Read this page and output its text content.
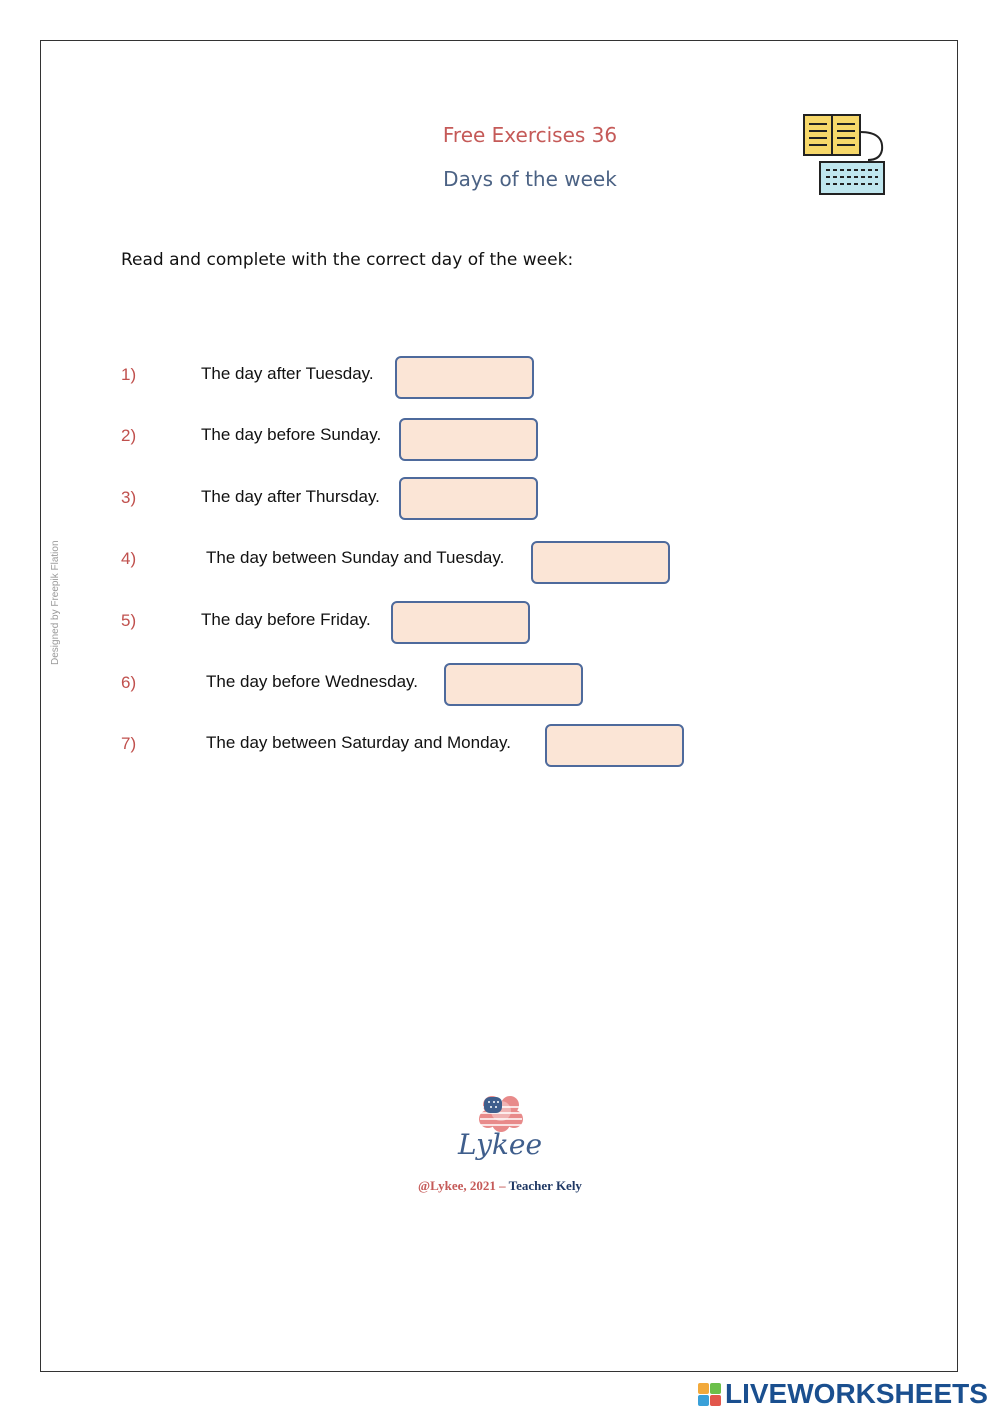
Free Exercises 36
Days of the week
Read and complete with the correct day of the week:
1)	The day after Tuesday.
2)	The day before Sunday.
3)	The day after Thursday.
4)	The day between Sunday and Tuesday.
5)	The day before Friday.
6)	The day before Wednesday.
7)	The day between Saturday and Monday.
Designed by Freepik Flation
Lykee
@Lykee, 2021 – Teacher Kely
LIVEWORKSHEETS
